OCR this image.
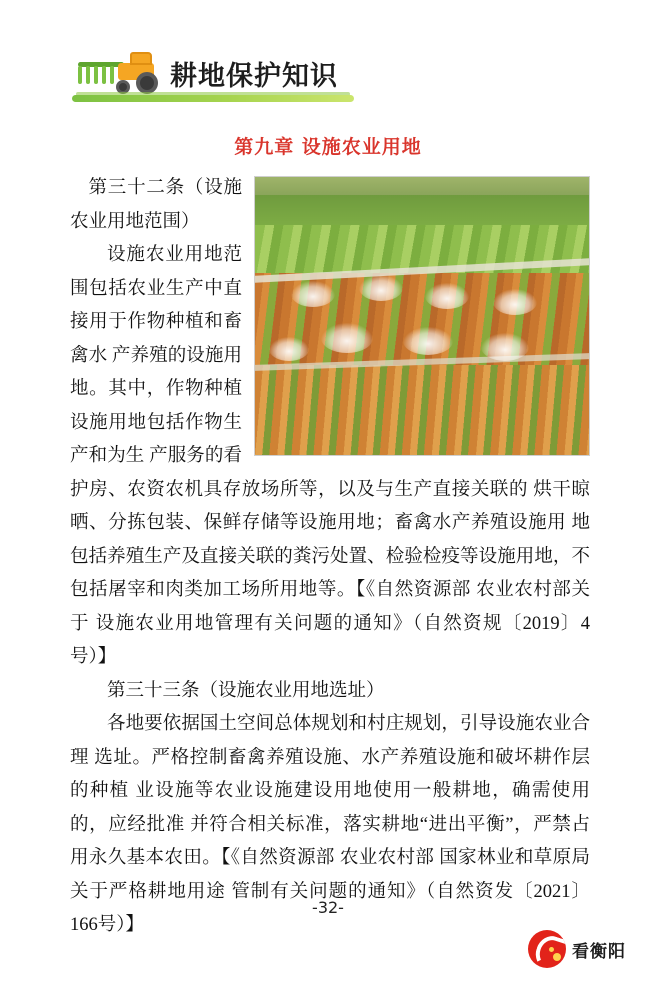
耕地保护知识
第九章 设施农业用地

第三十二条（设施农业用地范围）

设施农业用地范围包括农业生产中直接用于作物种植和畜禽水 产养殖的设施用地。其中，作物种植设施用地包括作物生产和为生 产服务的看护房、农资农机具存放场所等，以及与生产直接关联的 烘干晾晒、分拣包装、保鲜存储等设施用地；畜禽水产养殖设施用 地包括养殖生产及直接关联的粪污处置、检验检疫等设施用地，不 包括屠宰和肉类加工场所用地等。【《自然资源部 农业农村部关于 设施农业用地管理有关问题的通知》（自然资规〔2019〕4号）】

第三十三条（设施农业用地选址）

各地要依据国土空间总体规划和村庄规划，引导设施农业合理 选址。严格控制畜禽养殖设施、水产养殖设施和破坏耕作层的种植 业设施等农业设施建设用地使用一般耕地，确需使用的，应经批准 并符合相关标准，落实耕地“进出平衡”，严禁占用永久基本农田。【《自然资源部 农业农村部 国家林业和草原局关于严格耕地用途 管制有关问题的通知》（自然资发〔2021〕166号）】

-32-
看衡阳
